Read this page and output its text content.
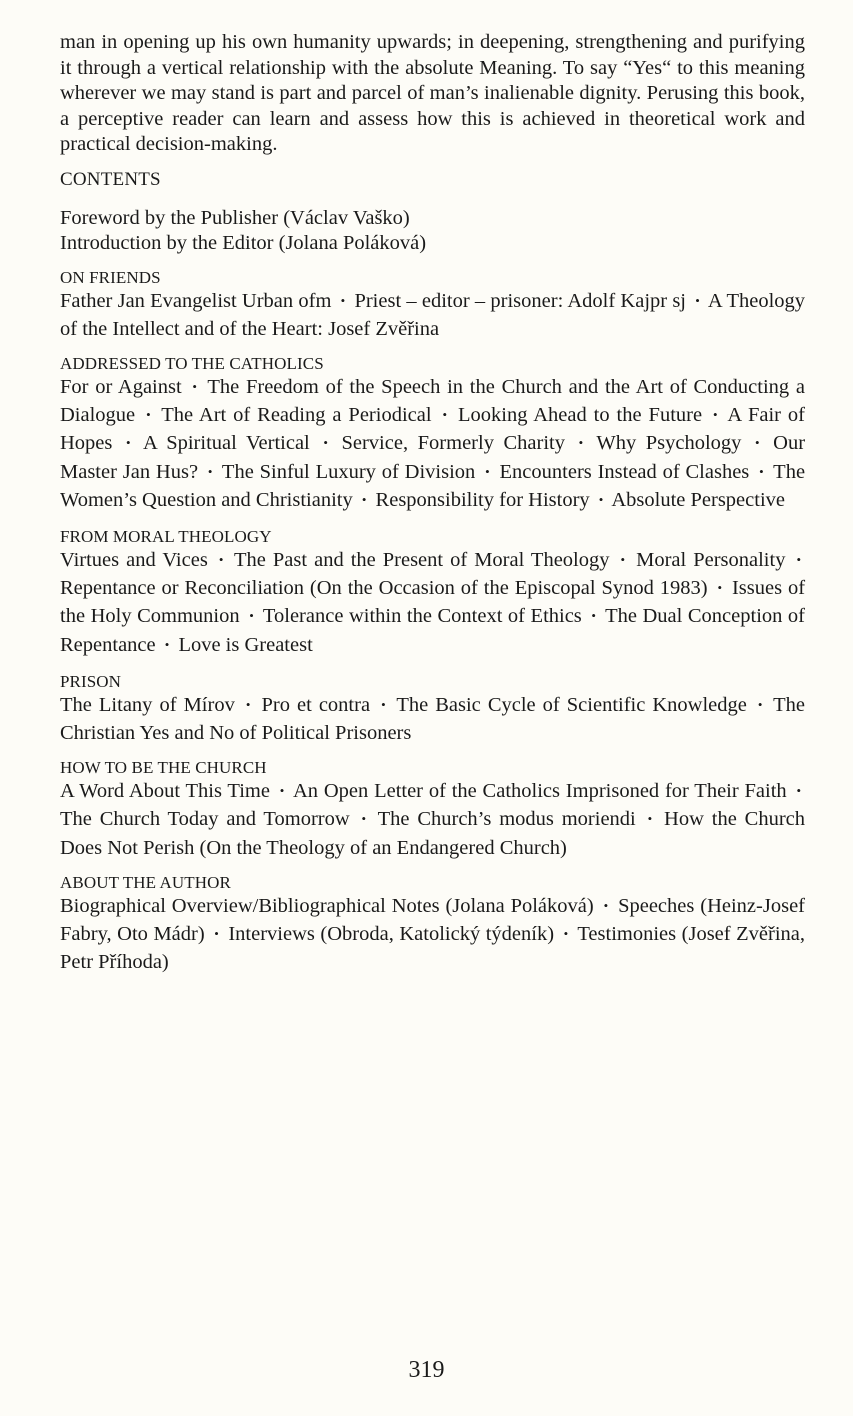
man in opening up his own humanity upwards; in deepening, strengthening and purifying it through a vertical relationship with the absolute Meaning. To say “Yes“ to this meaning wherever we may stand is part and parcel of man’s inalienable dignity. Perusing this book, a perceptive reader can learn and assess how this is achieved in theoretical work and practical decision-making.

CONTENTS
Foreword by the Publisher (Václav Vaško)
Introduction by the Editor (Jolana Poláková)
ON FRIENDS

Father Jan Evangelist Urban ofm • Priest – editor – prisoner: Adolf Kajpr sj • A Theology of the Intellect and of the Heart: Josef Zvěřina

ADDRESSED TO THE CATHOLICS

For or Against • The Freedom of the Speech in the Church and the Art of Conducting a Dialogue • The Art of Reading a Periodical • Looking Ahead to the Future • A Fair of Hopes • A Spiritual Vertical • Service, Formerly Charity • Why Psychology • Our Master Jan Hus? • The Sinful Luxury of Division • Encounters Instead of Clashes • The Women’s Question and Christianity • Responsibility for History • Absolute Perspective

FROM MORAL THEOLOGY

Virtues and Vices • The Past and the Present of Moral Theology • Moral Personality • Repentance or Reconciliation (On the Occasion of the Episcopal Synod 1983) • Issues of the Holy Communion • Tolerance within the Context of Ethics • The Dual Conception of Repentance • Love is Greatest

PRISON

The Litany of Mírov • Pro et contra • The Basic Cycle of Scientific Knowledge • The Christian Yes and No of Political Prisoners

HOW TO BE THE CHURCH

A Word About This Time • An Open Letter of the Catholics Imprisoned for Their Faith • The Church Today and Tomorrow • The Church’s modus moriendi • How the Church Does Not Perish (On the Theology of an Endangered Church)

ABOUT THE AUTHOR

Biographical Overview/Bibliographical Notes (Jolana Poláková) • Speeches (Heinz-Josef Fabry, Oto Mádr) • Interviews (Obroda, Katolický týdeník) • Testimonies (Josef Zvěřina, Petr Příhoda)

319
